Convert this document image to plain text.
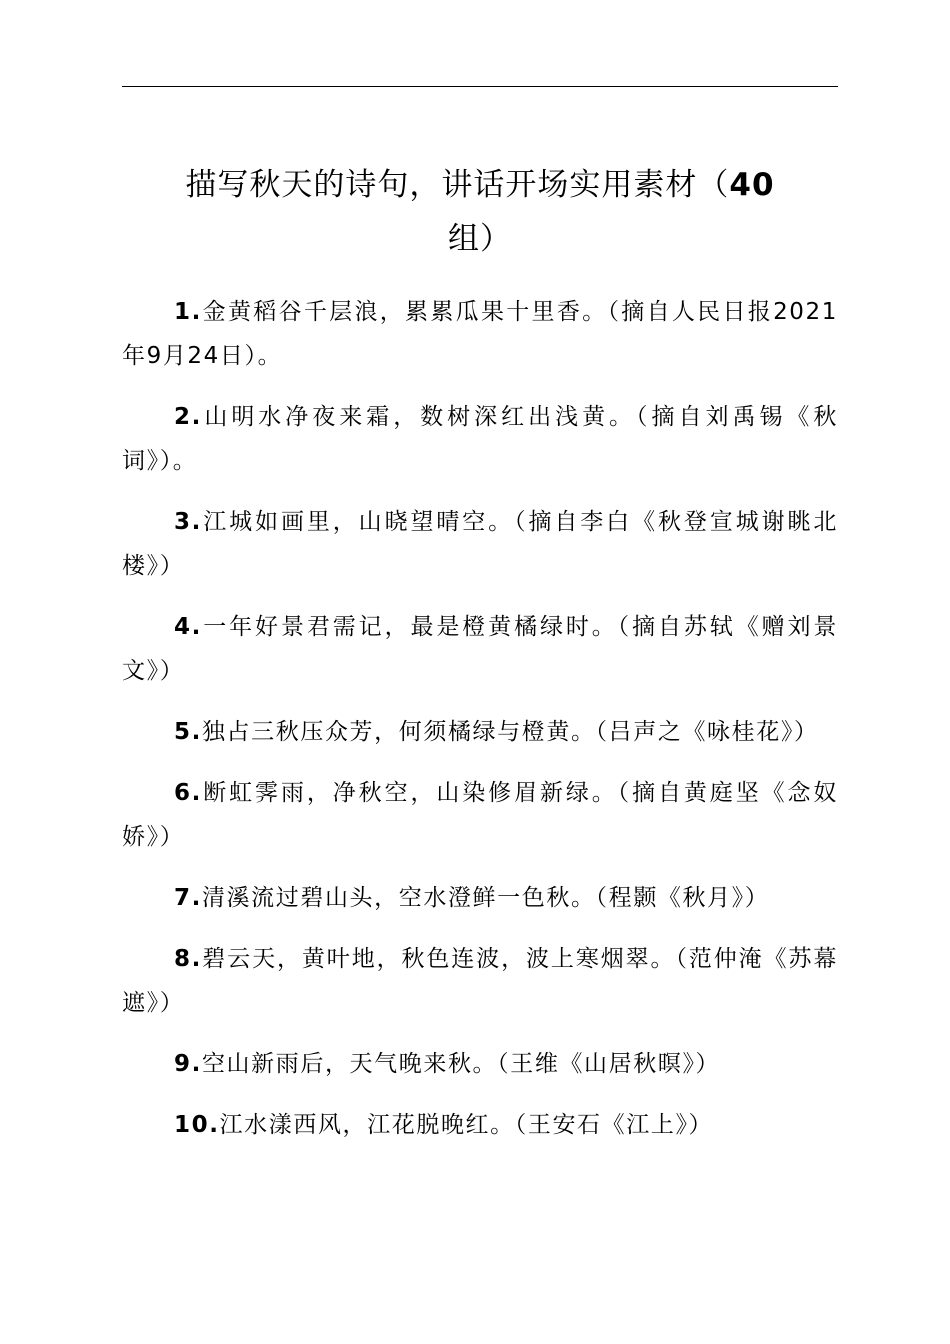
描写秋天的诗句，讲话开场实用素材（40
组）

1.金黄稻谷千层浪，累累瓜果十里香。（摘自人民日报2021年9月24日）。

2.山明水净夜来霜，数树深红出浅黄。（摘自刘禹锡《秋词》）。

3.江城如画里，山晓望晴空。（摘自李白《秋登宣城谢眺北楼》）

4.一年好景君需记，最是橙黄橘绿时。（摘自苏轼《赠刘景文》）

5.独占三秋压众芳，何须橘绿与橙黄。（吕声之《咏桂花》）

6.断虹霁雨，净秋空，山染修眉新绿。（摘自黄庭坚《念奴娇》）

7.清溪流过碧山头，空水澄鲜一色秋。（程颢《秋月》）

8.碧云天，黄叶地，秋色连波，波上寒烟翠。（范仲淹《苏幕遮》）

9.空山新雨后，天气晚来秋。（王维《山居秋暝》）

10.江水漾西风，江花脱晚红。（王安石《江上》）
